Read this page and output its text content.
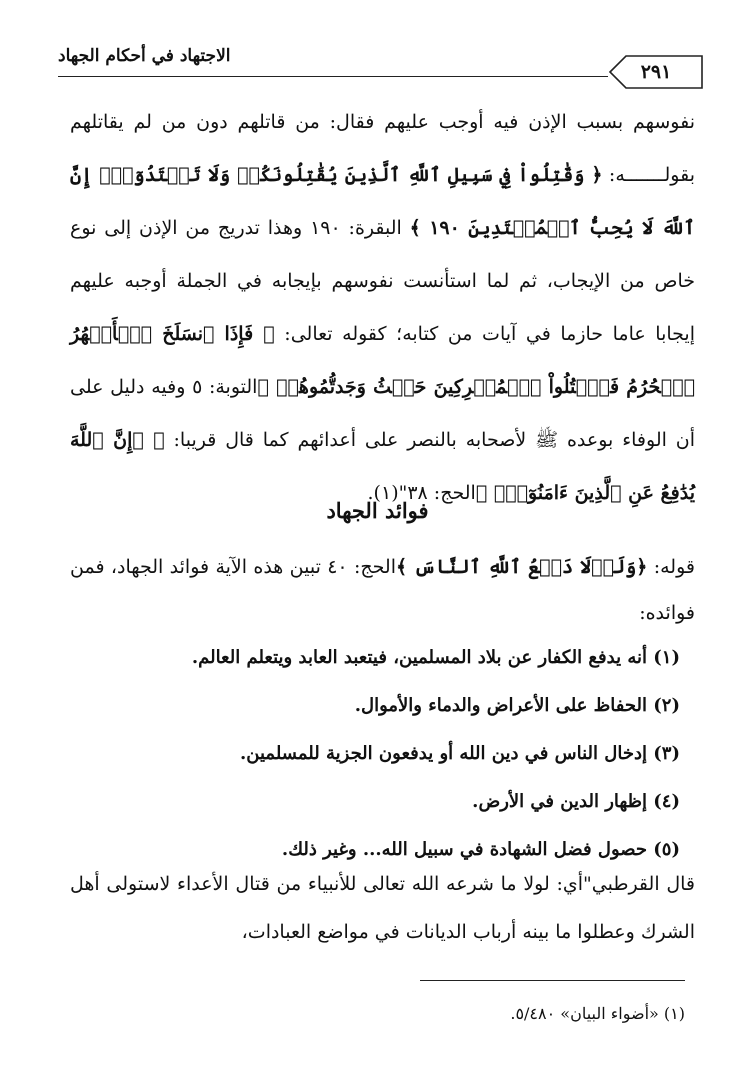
٢٩١
الاجتهاد في أحكام الجهاد
نفوسهم بسبب الإذن فيه أوجب عليهم فقال: من قاتلهم دون من لم يقاتلهم بقولـــــــه: ﴿ وَقَٰتِلُواْ فِي سَبِيلِ ٱللَّهِ ٱلَّذِينَ يُقَٰتِلُونَكُمۡ وَلَا تَعۡتَدُوٓاْۚ إِنَّ ٱللَّهَ لَا يُحِبُّ ٱلۡمُعۡتَدِينَ ١٩٠ ﴾ البقرة: ١٩٠ وهذا تدريج من الإذن إلى نوع خاص من الإيجاب، ثم لما استأنست نفوسهم بإيجابه في الجملة أوجبه عليهم إيجابا عاما حازما في آيات من كتابه؛ كقوله تعالى: ﴿ فَإِذَا ٱنسَلَخَ ٱلۡأَشۡهُرُ ٱلۡحُرُمُ فَٱقۡتُلُواْ ٱلۡمُشۡرِكِينَ حَيۡثُ وَجَدتُّمُوهُمۡ ﴾التوبة: ٥ وفيه دليل على أن الوفاء بوعده ﷺ لأصحابه بالنصر على أعدائهم كما قال قريبا: ﴿ ۞إِنَّ ٱللَّهَ يُدَٰفِعُ عَنِ ٱلَّذِينَ ءَامَنُوٓاْۗ ﴾الحج: ٣٨"(١).
فوائد الجهاد
قوله: ﴿وَلَوۡلَا دَفۡعُ ٱللَّهِ ٱلنَّاسَ ﴾الحج: ٤٠ تبين هذه الآية فوائد الجهاد، فمن فوائده:
(١) أنه يدفع الكفار عن بلاد المسلمين، فيتعبد العابد ويتعلم العالم.
(٢) الحفاظ على الأعراض والدماء والأموال.
(٣) إدخال الناس في دين الله أو يدفعون الجزية للمسلمين.
(٤) إظهار الدين في الأرض.
(٥) حصول فضل الشهادة في سبيل الله... وغير ذلك.
قال القرطبي"أي: لولا ما شرعه الله تعالى للأنبياء من قتال الأعداء لاستولى أهل الشرك وعطلوا ما بينه أرباب الديانات في مواضع العبادات،
(١) «أضواء البيان» ٥/٤٨٠.
